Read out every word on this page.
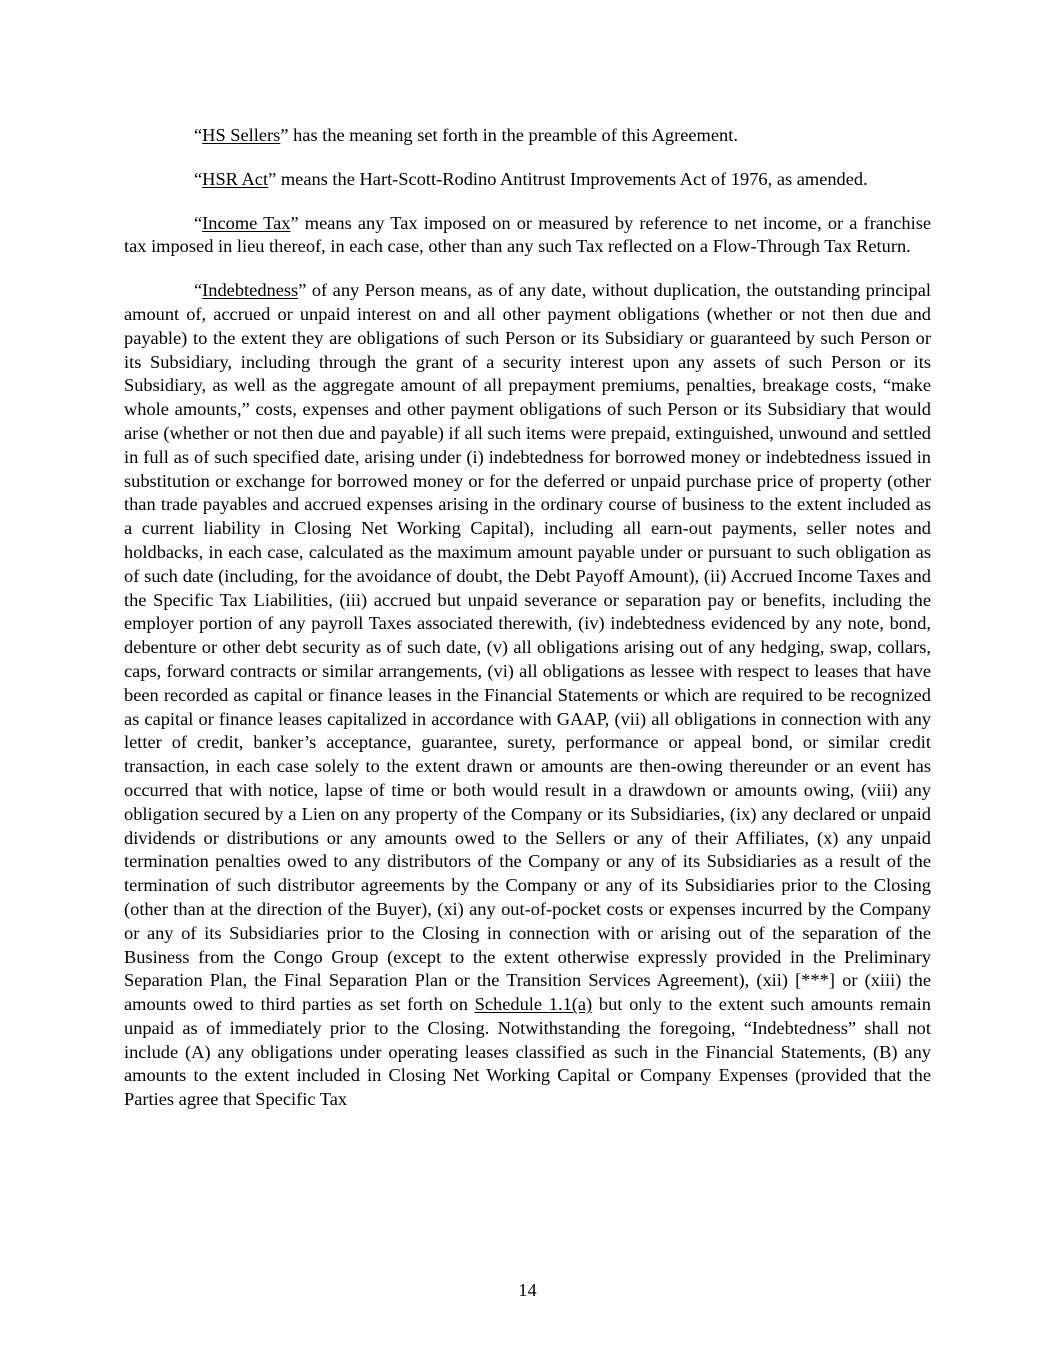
“HS Sellers” has the meaning set forth in the preamble of this Agreement.

“HSR Act” means the Hart-Scott-Rodino Antitrust Improvements Act of 1976, as amended.

“Income Tax” means any Tax imposed on or measured by reference to net income, or a franchise tax imposed in lieu thereof, in each case, other than any such Tax reflected on a Flow-Through Tax Return.

“Indebtedness” of any Person means, as of any date, without duplication, the outstanding principal amount of, accrued or unpaid interest on and all other payment obligations (whether or not then due and payable) to the extent they are obligations of such Person or its Subsidiary or guaranteed by such Person or its Subsidiary, including through the grant of a security interest upon any assets of such Person or its Subsidiary, as well as the aggregate amount of all prepayment premiums, penalties, breakage costs, “make whole amounts,” costs, expenses and other payment obligations of such Person or its Subsidiary that would arise (whether or not then due and payable) if all such items were prepaid, extinguished, unwound and settled in full as of such specified date, arising under (i) indebtedness for borrowed money or indebtedness issued in substitution or exchange for borrowed money or for the deferred or unpaid purchase price of property (other than trade payables and accrued expenses arising in the ordinary course of business to the extent included as a current liability in Closing Net Working Capital), including all earn-out payments, seller notes and holdbacks, in each case, calculated as the maximum amount payable under or pursuant to such obligation as of such date (including, for the avoidance of doubt, the Debt Payoff Amount), (ii) Accrued Income Taxes and the Specific Tax Liabilities, (iii) accrued but unpaid severance or separation pay or benefits, including the employer portion of any payroll Taxes associated therewith, (iv) indebtedness evidenced by any note, bond, debenture or other debt security as of such date, (v) all obligations arising out of any hedging, swap, collars, caps, forward contracts or similar arrangements, (vi) all obligations as lessee with respect to leases that have been recorded as capital or finance leases in the Financial Statements or which are required to be recognized as capital or finance leases capitalized in accordance with GAAP, (vii) all obligations in connection with any letter of credit, banker’s acceptance, guarantee, surety, performance or appeal bond, or similar credit transaction, in each case solely to the extent drawn or amounts are then-owing thereunder or an event has occurred that with notice, lapse of time or both would result in a drawdown or amounts owing, (viii) any obligation secured by a Lien on any property of the Company or its Subsidiaries, (ix) any declared or unpaid dividends or distributions or any amounts owed to the Sellers or any of their Affiliates, (x) any unpaid termination penalties owed to any distributors of the Company or any of its Subsidiaries as a result of the termination of such distributor agreements by the Company or any of its Subsidiaries prior to the Closing (other than at the direction of the Buyer), (xi) any out-of-pocket costs or expenses incurred by the Company or any of its Subsidiaries prior to the Closing in connection with or arising out of the separation of the Business from the Congo Group (except to the extent otherwise expressly provided in the Preliminary Separation Plan, the Final Separation Plan or the Transition Services Agreement), (xii) [***] or (xiii) the amounts owed to third parties as set forth on Schedule 1.1(a) but only to the extent such amounts remain unpaid as of immediately prior to the Closing. Notwithstanding the foregoing, “Indebtedness” shall not include (A) any obligations under operating leases classified as such in the Financial Statements, (B) any amounts to the extent included in Closing Net Working Capital or Company Expenses (provided that the Parties agree that Specific Tax

14
